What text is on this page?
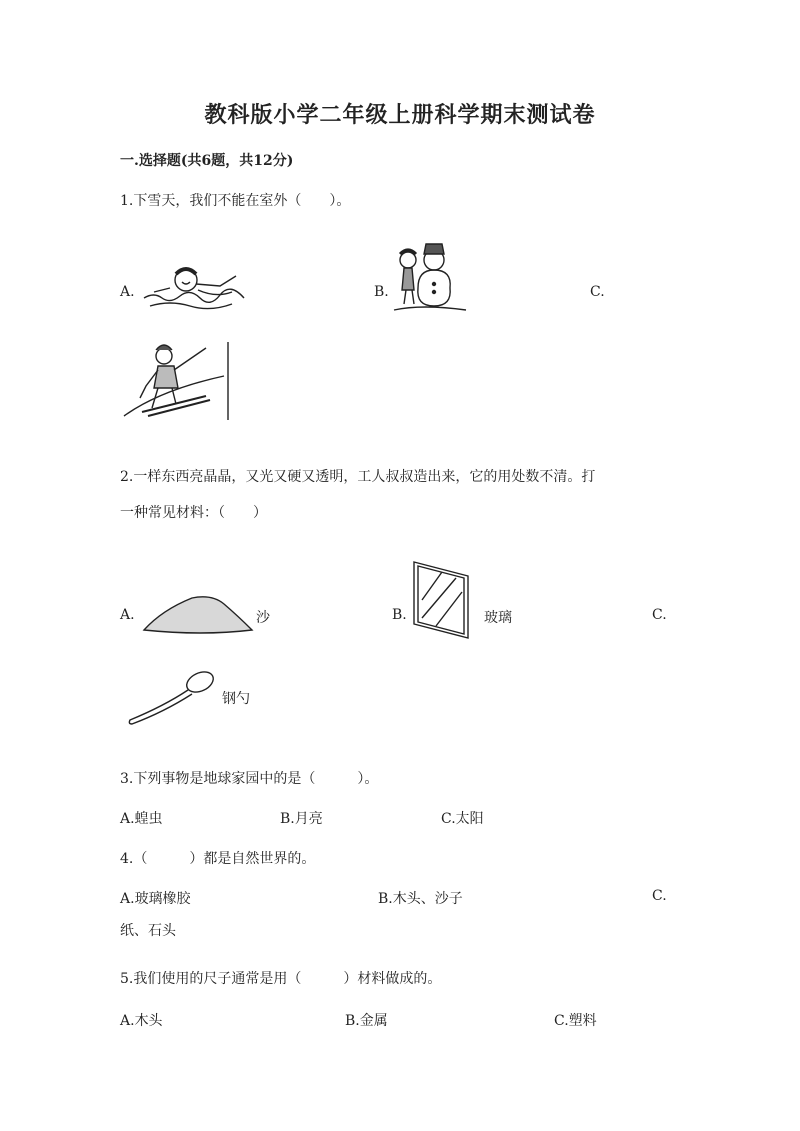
教科版小学二年级上册科学期末测试卷
一.选择题(共6题，共12分)
1.下雪天，我们不能在室外（　　）。
A.	B.	C.
2.一样东西亮晶晶，又光又硬又透明，工人叔叔造出来，它的用处数不清。打
一种常见材料：（　　）
A.	沙	B.	玻璃	C.
钢勺
3.下列事物是地球家园中的是（　　　）。
A.蝗虫	B.月亮	C.太阳
4.（　　　）都是自然世界的。
A.玻璃橡胶	B.木头、沙子	C.
纸、石头
5.我们使用的尺子通常是用（　　　）材料做成的。
A.木头	B.金属	C.塑料
